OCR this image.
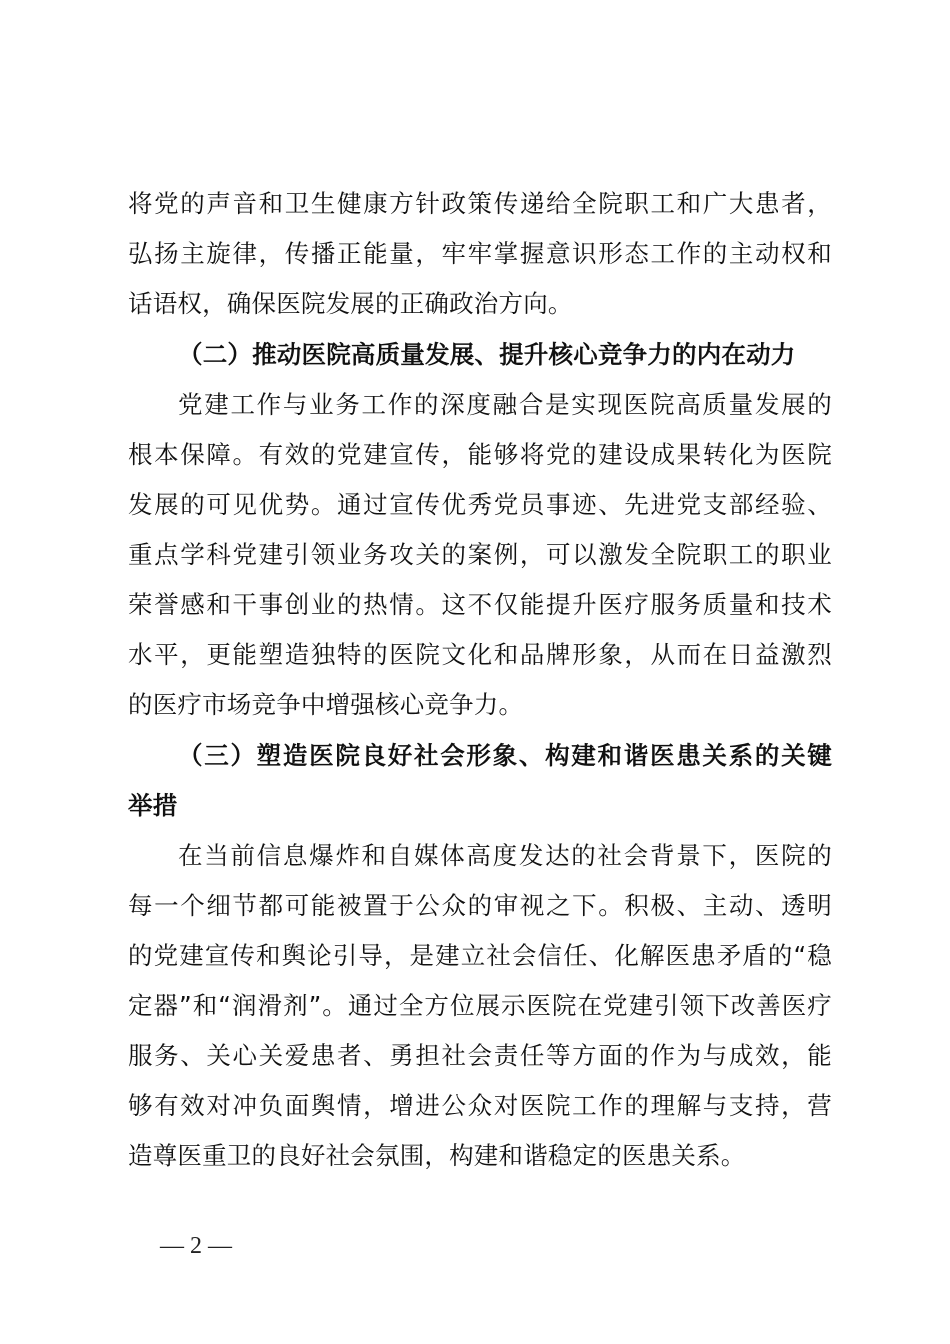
将党的声音和卫生健康方针政策传递给全院职工和广大患者，
弘扬主旋律，传播正能量，牢牢掌握意识形态工作的主动权和
话语权，确保医院发展的正确政治方向。
（二）推动医院高质量发展、提升核心竞争力的内在动力
党建工作与业务工作的深度融合是实现医院高质量发展的
根本保障。有效的党建宣传，能够将党的建设成果转化为医院
发展的可见优势。通过宣传优秀党员事迹、先进党支部经验、
重点学科党建引领业务攻关的案例，可以激发全院职工的职业
荣誉感和干事创业的热情。这不仅能提升医疗服务质量和技术
水平，更能塑造独特的医院文化和品牌形象，从而在日益激烈
的医疗市场竞争中增强核心竞争力。
（三）塑造医院良好社会形象、构建和谐医患关系的关键
举措
在当前信息爆炸和自媒体高度发达的社会背景下，医院的
每一个细节都可能被置于公众的审视之下。积极、主动、透明
的党建宣传和舆论引导，是建立社会信任、化解医患矛盾的“稳
定器”和“润滑剂”。通过全方位展示医院在党建引领下改善医疗
服务、关心关爱患者、勇担社会责任等方面的作为与成效，能
够有效对冲负面舆情，增进公众对医院工作的理解与支持，营
造尊医重卫的良好社会氛围，构建和谐稳定的医患关系。
— 2 —
